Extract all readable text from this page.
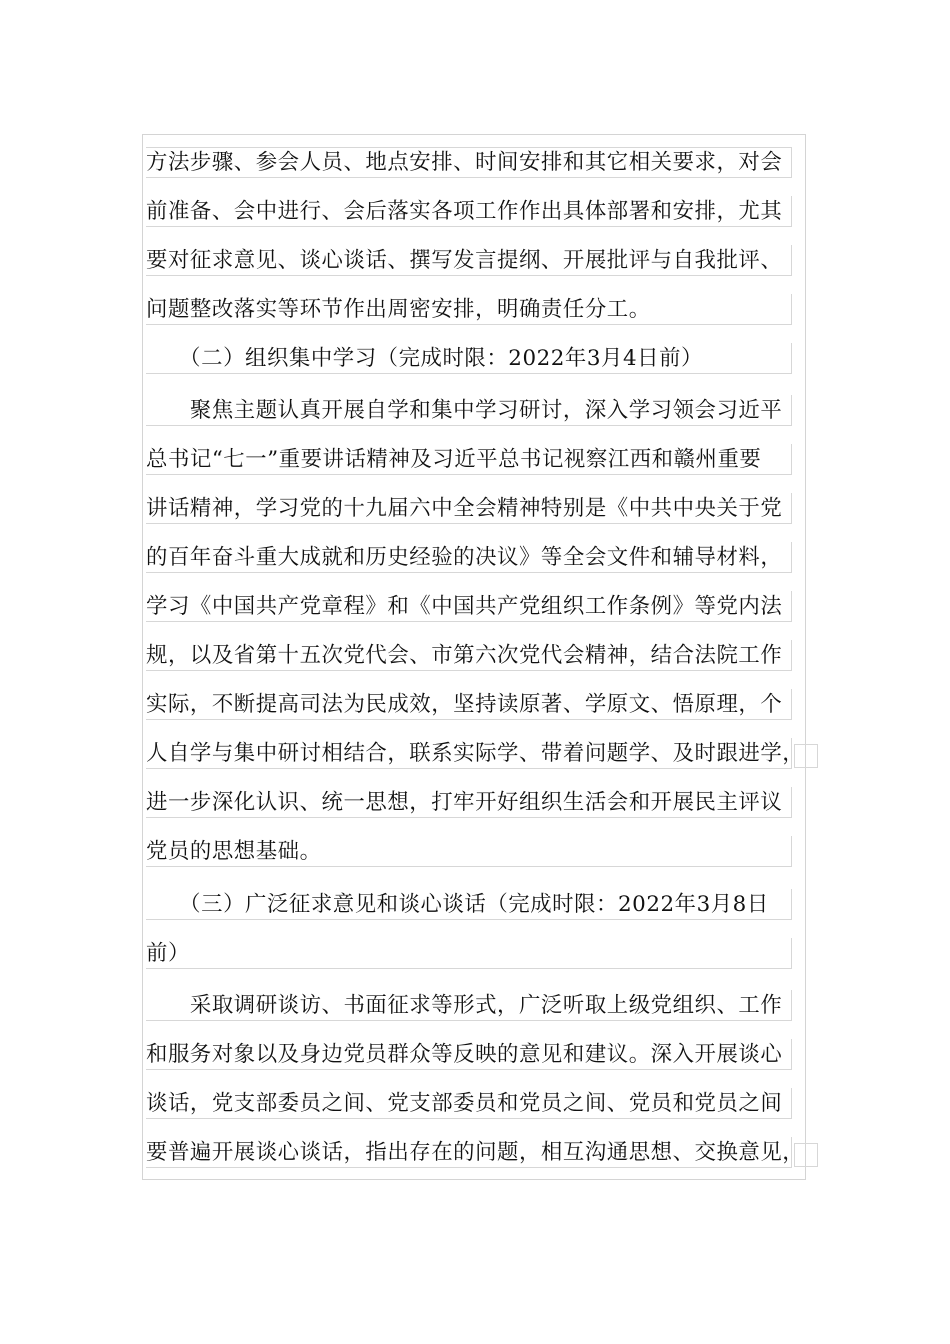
方法步骤、参会人员、地点安排、时间安排和其它相关要求，对会
前准备、会中进行、会后落实各项工作作出具体部署和安排，尤其
要对征求意见、谈心谈话、撰写发言提纲、开展批评与自我批评、
问题整改落实等环节作出周密安排，明确责任分工。
　　（二）组织集中学习（完成时限：2022年3月4日前）
　　聚焦主题认真开展自学和集中学习研讨，深入学习领会习近平
总书记“七一”重要讲话精神及习近平总书记视察江西和赣州重要
讲话精神，学习党的十九届六中全会精神特别是《中共中央关于党
的百年奋斗重大成就和历史经验的决议》等全会文件和辅导材料，
学习《中国共产党章程》和《中国共产党组织工作条例》等党内法
规，以及省第十五次党代会、市第六次党代会精神，结合法院工作
实际，不断提高司法为民成效，坚持读原著、学原文、悟原理，个
人自学与集中研讨相结合，联系实际学、带着问题学、及时跟进学，
进一步深化认识、统一思想，打牢开好组织生活会和开展民主评议
党员的思想基础。
　　（三）广泛征求意见和谈心谈话（完成时限：2022年3月8日
前）
　　采取调研谈访、书面征求等形式，广泛听取上级党组织、工作
和服务对象以及身边党员群众等反映的意见和建议。深入开展谈心
谈话，党支部委员之间、党支部委员和党员之间、党员和党员之间
要普遍开展谈心谈话，指出存在的问题，相互沟通思想、交换意见，
